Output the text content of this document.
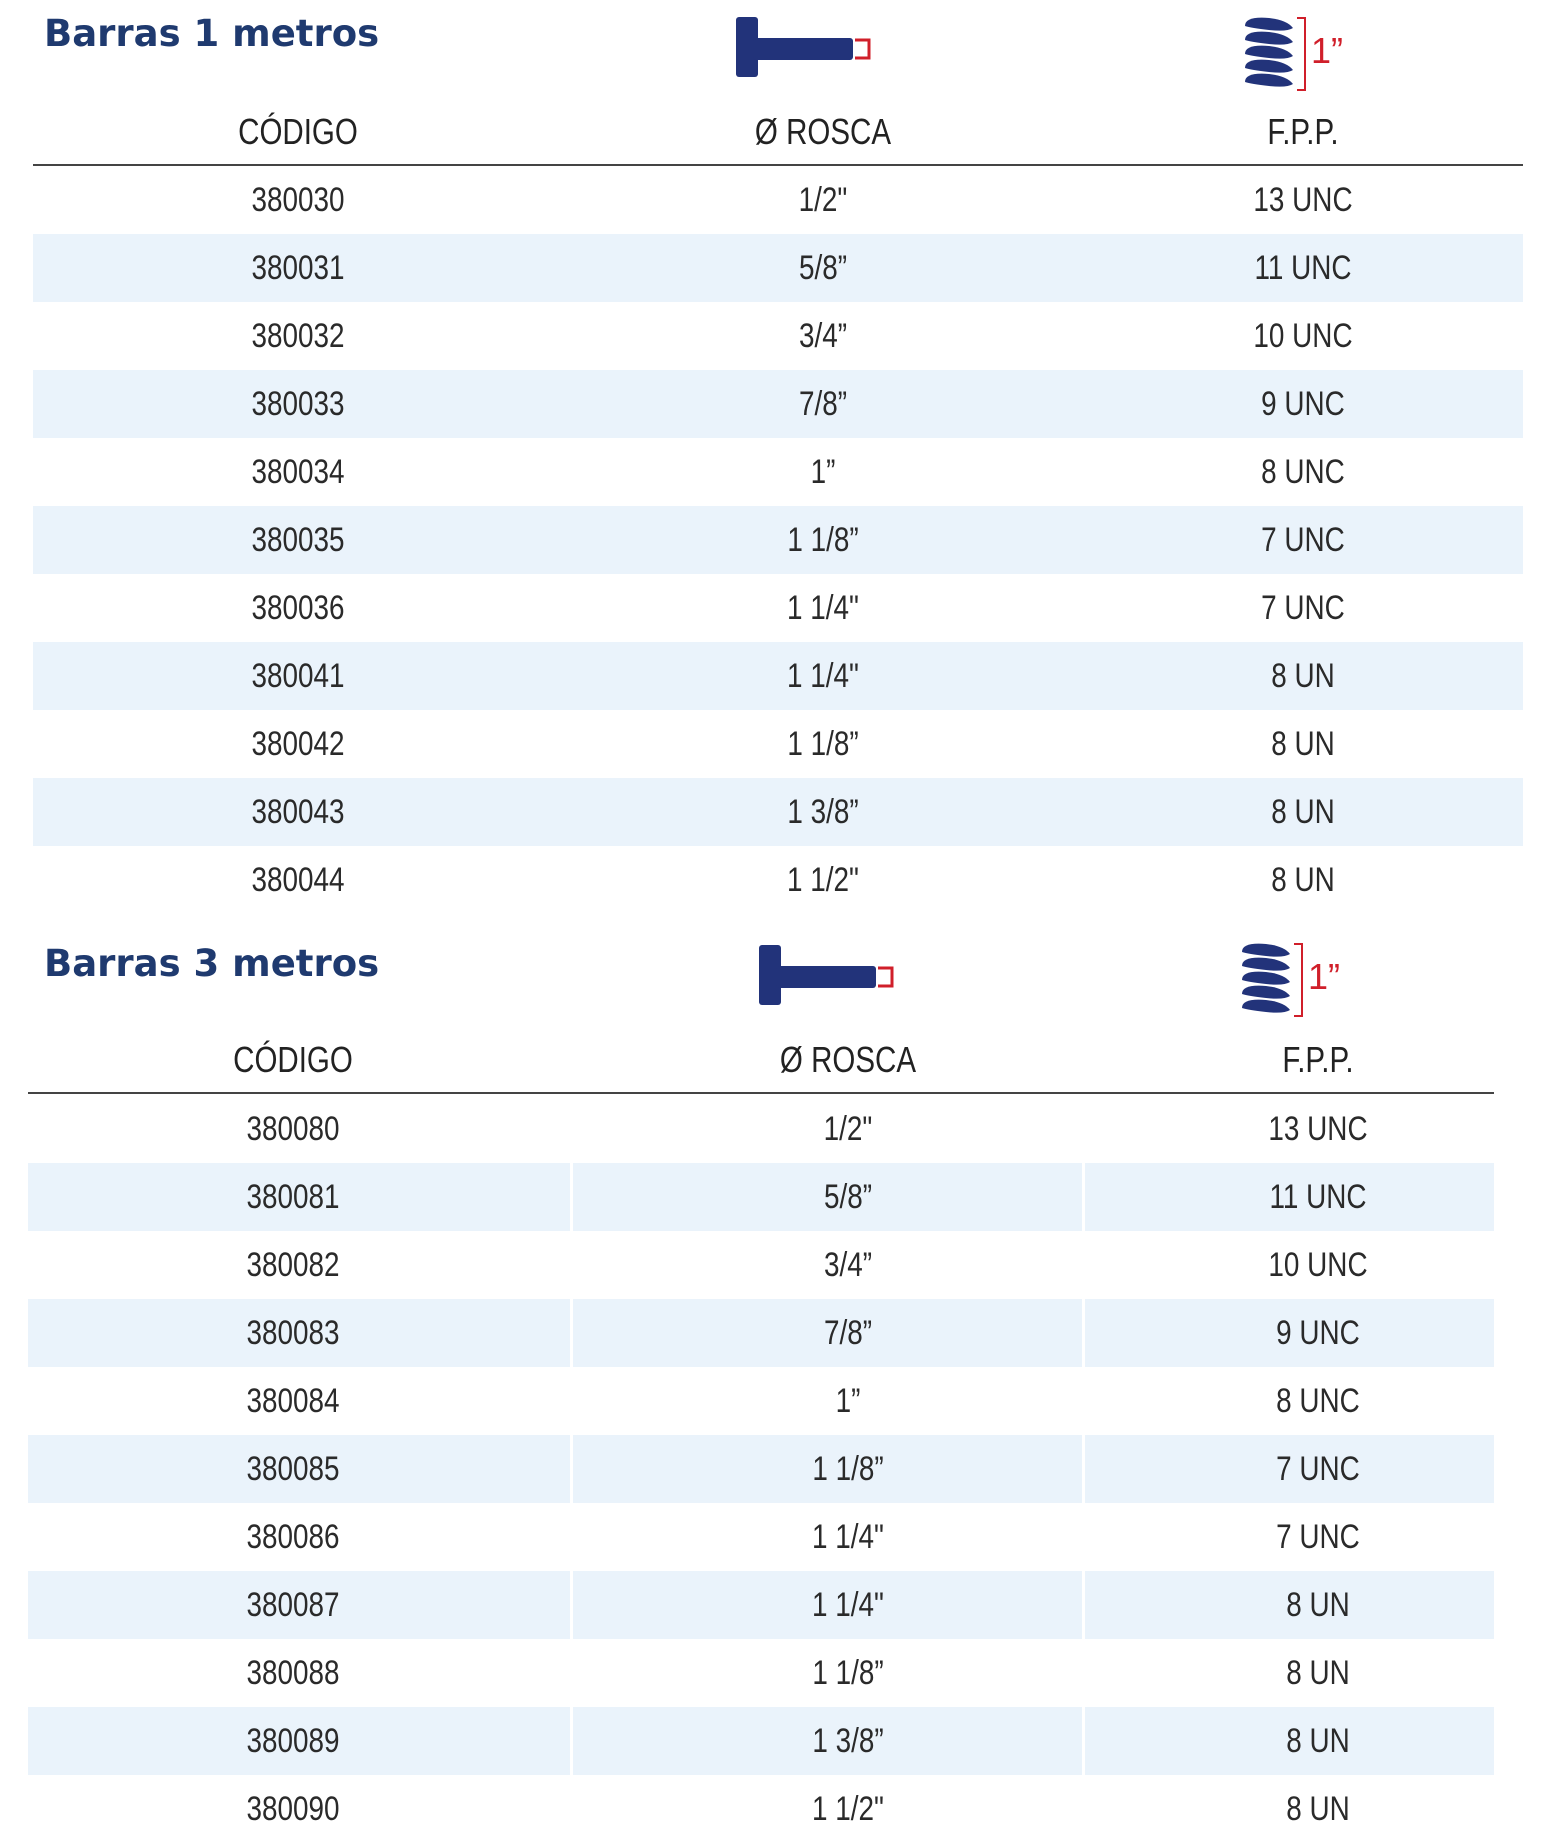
Barras 1 metros	1”
CÓDIGO	Ø ROSCA	F.P.P.
380030	1/2"	13 UNC
380031	5/8”	11 UNC
380032	3/4”	10 UNC
380033	7/8”	9 UNC
380034	1”	8 UNC
380035	1 1/8”	7 UNC
380036	1 1/4"	7 UNC
380041	1 1/4"	8 UN
380042	1 1/8”	8 UN
380043	1 3/8”	8 UN
380044	1 1/2"	8 UN
Barras 3 metros	1”
CÓDIGO	Ø ROSCA	F.P.P.
380080	1/2"	13 UNC
380081	5/8”	11 UNC
380082	3/4”	10 UNC
380083	7/8”	9 UNC
380084	1”	8 UNC
380085	1 1/8”	7 UNC
380086	1 1/4"	7 UNC
380087	1 1/4"	8 UN
380088	1 1/8”	8 UN
380089	1 3/8”	8 UN
380090	1 1/2"	8 UN
